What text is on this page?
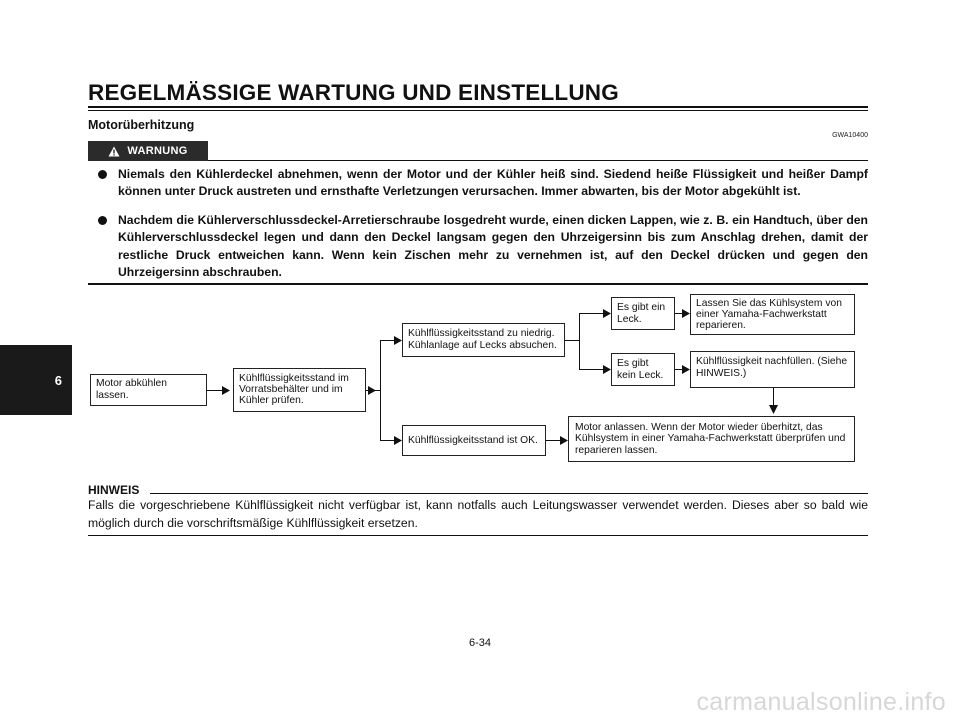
REGELMÄSSIGE WARTUNG UND EINSTELLUNG
Motorüberhitzung
GWA10400
WARNUNG
Niemals den Kühlerdeckel abnehmen, wenn der Motor und der Kühler heiß sind. Siedend heiße Flüssigkeit und heißer Dampf können unter Druck austreten und ernsthafte Verletzungen verursachen. Immer abwarten, bis der Motor abgekühlt ist.
Nachdem die Kühlerverschlussdeckel-Arretierschraube losgedreht wurde, einen dicken Lappen, wie z. B. ein Handtuch, über den Kühlerverschlussdeckel legen und dann den Deckel langsam gegen den Uhrzeigersinn bis zum Anschlag drehen, damit der restliche Druck entweichen kann. Wenn kein Zischen mehr zu vernehmen ist, auf den Deckel drücken und gegen den Uhrzeigersinn abschrauben.
6	Motor abkühlen lassen.
Kühlflüssigkeitsstand im Vorratsbehälter und im Kühler prüfen.
Kühlflüssigkeitsstand zu niedrig. Kühlanlage auf Lecks absuchen.
Kühlflüssigkeitsstand ist OK.
Es gibt ein Leck.
Es gibt kein Leck.
Lassen Sie das Kühlsystem von einer Yamaha-Fachwerkstatt reparieren.
Kühlflüssigkeit nachfüllen. (Siehe HINWEIS.)
Motor anlassen. Wenn der Motor wieder überhitzt, das Kühlsystem in einer Yamaha-Fachwerkstatt überprüfen und reparieren lassen.
HINWEIS
Falls die vorgeschriebene Kühlflüssigkeit nicht verfügbar ist, kann notfalls auch Leitungswasser verwendet werden. Dieses aber so bald wie möglich durch die vorschriftsmäßige Kühlflüssigkeit ersetzen.
6-34
carmanualsonline.info
